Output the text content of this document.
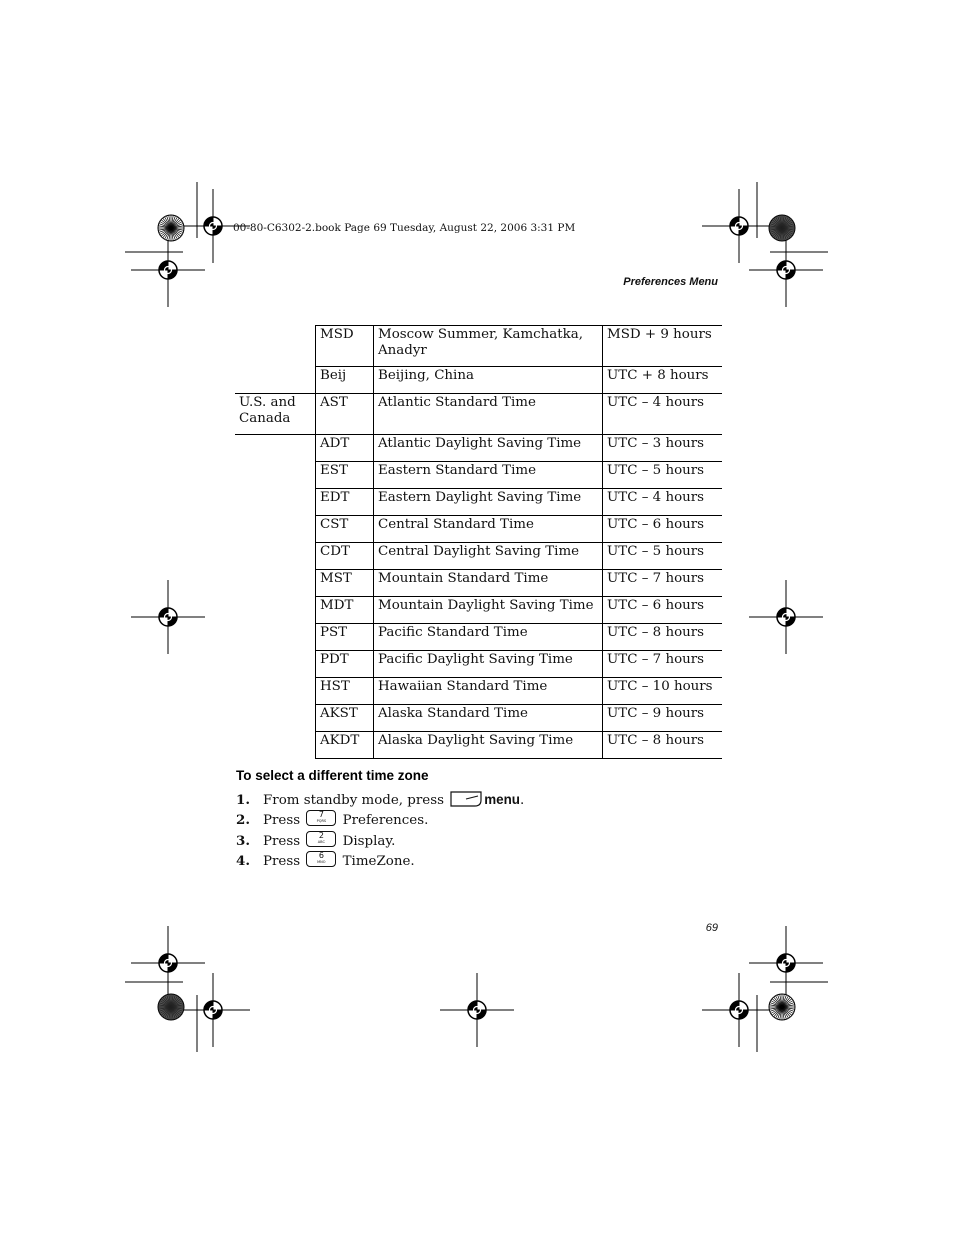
00-80-C6302-2.book Page 69 Tuesday, August 22, 2006 3:31 PM
Preferences Menu
	MSD	Moscow Summer, Kamchatka, Anadyr	MSD + 9 hours
	Beij	Beijing, China	UTC + 8 hours
U.S. and Canada	AST	Atlantic Standard Time	UTC – 4 hours
	ADT	Atlantic Daylight Saving Time	UTC – 3 hours
	EST	Eastern Standard Time	UTC – 5 hours
	EDT	Eastern Daylight Saving Time	UTC – 4 hours
	CST	Central Standard Time	UTC – 6 hours
	CDT	Central Daylight Saving Time	UTC – 5 hours
	MST	Mountain Standard Time	UTC – 7 hours
	MDT	Mountain Daylight Saving Time	UTC – 6 hours
	PST	Pacific Standard Time	UTC – 8 hours
	PDT	Pacific Daylight Saving Time	UTC – 7 hours
	HST	Hawaiian Standard Time	UTC – 10 hours
	AKST	Alaska Standard Time	UTC – 9 hours
	AKDT	Alaska Daylight Saving Time	UTC – 8 hours
To select a different time zone
1. From standby mode, press	menu.
2. Press	7
PQRS	Preferences.
3. Press	2
ABC	Display.
4. Press	6
MNO	TimeZone.
69
